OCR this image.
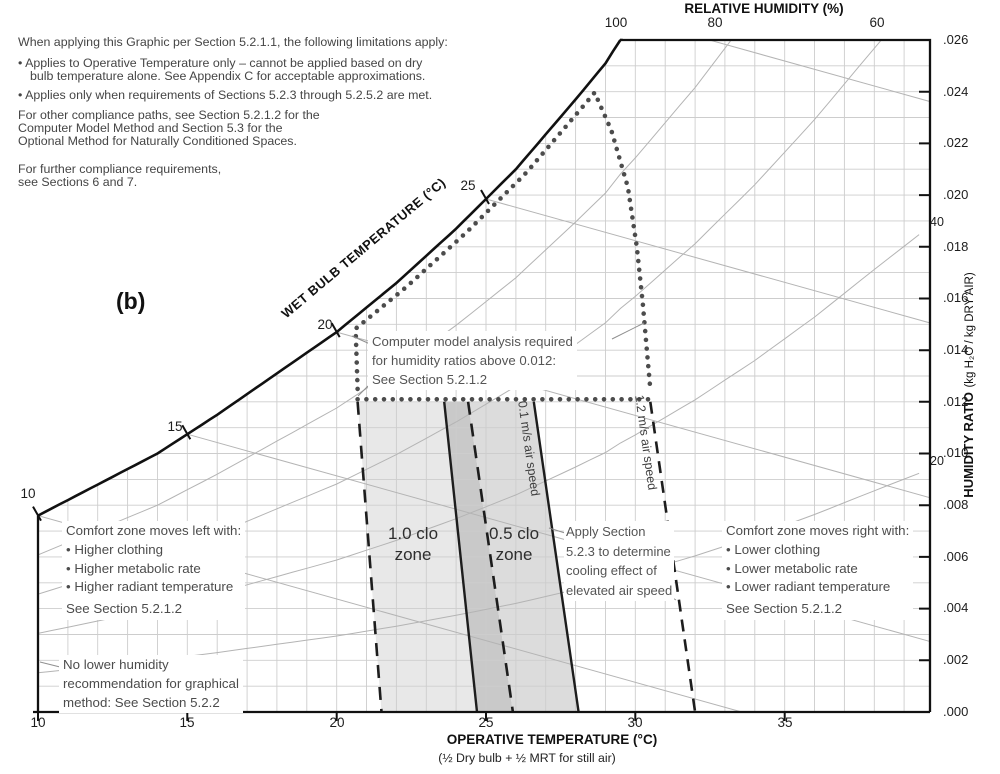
When applying this Graphic per Section 5.2.1.1, the following limitations apply:
• Applies to Operative Temperature only – cannot be applied based on dry
bulb temperature alone. See Appendix C for acceptable approximations.
• Applies only when requirements of Sections 5.2.3 through 5.2.5.2 are met.
For other compliance paths, see Section 5.2.1.2 for the
Computer Model Method and Section 5.3 for the
Optional Method for Naturally Conditioned Spaces.
For further compliance requirements,
see Sections 6 and 7.
(b)
RELATIVE HUMIDITY (%)
100	80	60
.026
.024
.022
.020
.018
.016
.014
.012
.010
.008
.006
.004
.002
.000
40
20	HUMIDITY RATIO (kg H₂O / kg DRY AIR)
10	15	20	25	30	35
OPERATIVE TEMPERATURE (°C)
(½ Dry bulb + ½ MRT for still air)
WET BULB TEMPERATURE (°C)
10
15
20
25
Computer model analysis required
for humidity ratios above 0.012:
See Section 5.2.1.2
1.0 clo
zone
0.5 clo
zone
Apply Section
5.2.3 to determine
cooling effect of
elevated air speed
Comfort zone moves left with:
• Higher clothing
• Higher metabolic rate
• Higher radiant temperature
See Section 5.2.1.2
Comfort zone moves right with:
• Lower clothing
• Lower metabolic rate
• Lower radiant temperature
See Section 5.2.1.2
No lower humidity
recommendation for graphical
method: See Section 5.2.2
0.1 m/s air speed	1.2 m/s air speed
